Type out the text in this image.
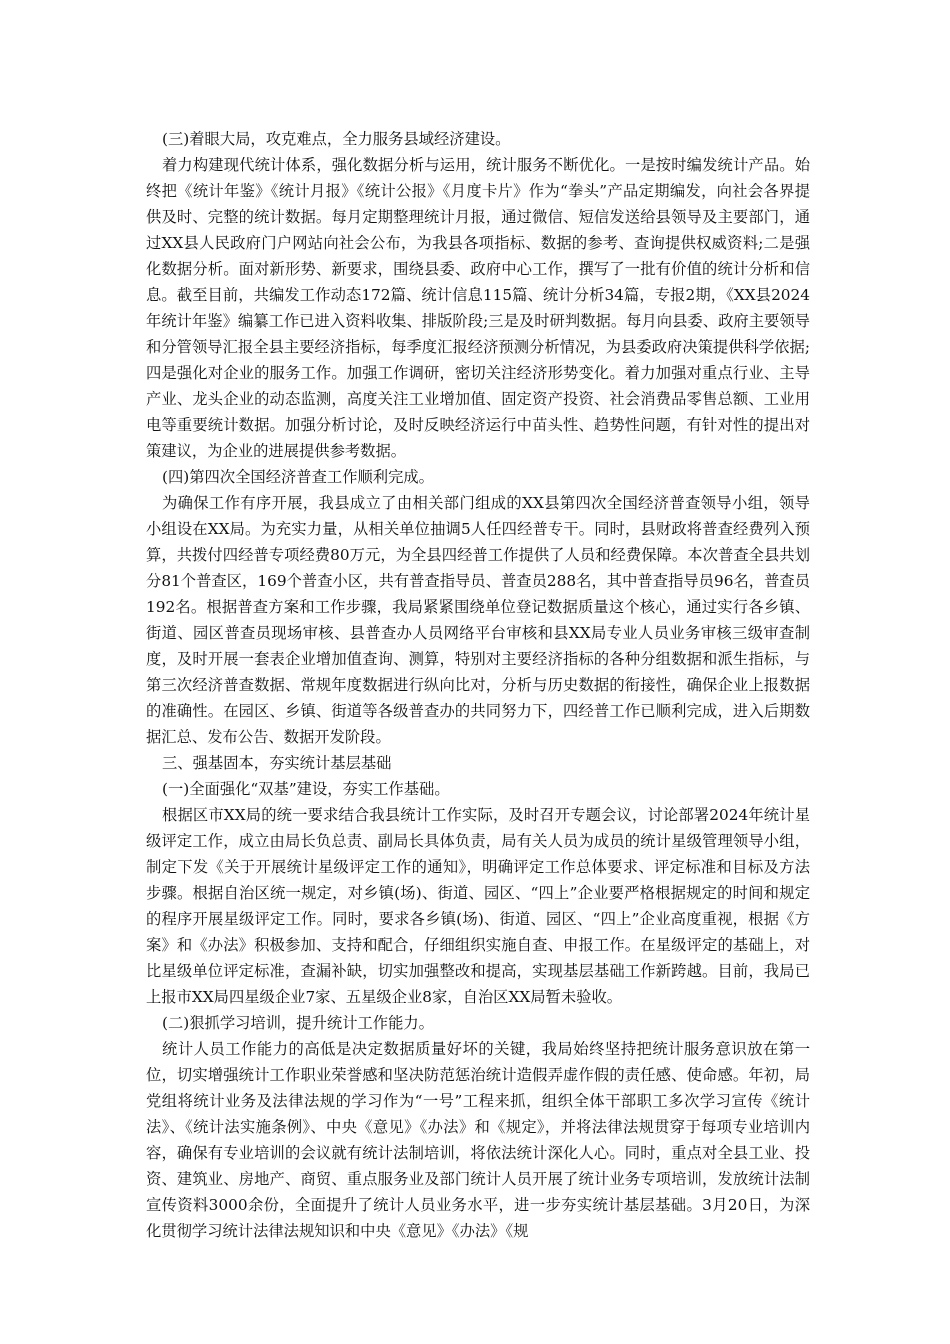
(三)着眼大局，攻克难点，全力服务县域经济建设。

着力构建现代统计体系，强化数据分析与运用，统计服务不断优化。一是按时编发统计产品。始终把《统计年鉴》《统计月报》《统计公报》《月度卡片》作为“拳头”产品定期编发，向社会各界提供及时、完整的统计数据。每月定期整理统计月报，通过微信、短信发送给县领导及主要部门，通过XX县人民政府门户网站向社会公布，为我县各项指标、数据的参考、查询提供权威资料;二是强化数据分析。面对新形势、新要求，围绕县委、政府中心工作，撰写了一批有价值的统计分析和信息。截至目前，共编发工作动态172篇、统计信息115篇、统计分析34篇，专报2期，《XX县2024年统计年鉴》编纂工作已进入资料收集、排版阶段;三是及时研判数据。每月向县委、政府主要领导和分管领导汇报全县主要经济指标，每季度汇报经济预测分析情况，为县委政府决策提供科学依据;四是强化对企业的服务工作。加强工作调研，密切关注经济形势变化。着力加强对重点行业、主导产业、龙头企业的动态监测，高度关注工业增加值、固定资产投资、社会消费品零售总额、工业用电等重要统计数据。加强分析讨论，及时反映经济运行中苗头性、趋势性问题，有针对性的提出对策建议，为企业的进展提供参考数据。

(四)第四次全国经济普查工作顺利完成。

为确保工作有序开展，我县成立了由相关部门组成的XX县第四次全国经济普查领导小组，领导小组设在XX局。为充实力量，从相关单位抽调5人任四经普专干。同时，县财政将普查经费列入预算，共拨付四经普专项经费80万元，为全县四经普工作提供了人员和经费保障。本次普查全县共划分81个普查区，169个普查小区，共有普查指导员、普查员288名，其中普查指导员96名，普查员192名。根据普查方案和工作步骤，我局紧紧围绕单位登记数据质量这个核心，通过实行各乡镇、街道、园区普查员现场审核、县普查办人员网络平台审核和县XX局专业人员业务审核三级审查制度，及时开展一套表企业增加值查询、测算，特别对主要经济指标的各种分组数据和派生指标，与第三次经济普查数据、常规年度数据进行纵向比对，分析与历史数据的衔接性，确保企业上报数据的准确性。在园区、乡镇、街道等各级普查办的共同努力下，四经普工作已顺利完成，进入后期数据汇总、发布公告、数据开发阶段。

三、强基固本，夯实统计基层基础

(一)全面强化“双基”建设，夯实工作基础。

根据区市XX局的统一要求结合我县统计工作实际，及时召开专题会议，讨论部署2024年统计星级评定工作，成立由局长负总责、副局长具体负责，局有关人员为成员的统计星级管理领导小组，制定下发《关于开展统计星级评定工作的通知》，明确评定工作总体要求、评定标准和目标及方法步骤。根据自治区统一规定，对乡镇(场)、街道、园区、“四上”企业要严格根据规定的时间和规定的程序开展星级评定工作。同时，要求各乡镇(场)、街道、园区、“四上”企业高度重视，根据《方案》和《办法》积极参加、支持和配合，仔细组织实施自查、申报工作。在星级评定的基础上，对比星级单位评定标准，查漏补缺，切实加强整改和提高，实现基层基础工作新跨越。目前，我局已上报市XX局四星级企业7家、五星级企业8家，自治区XX局暂未验收。

(二)狠抓学习培训，提升统计工作能力。

统计人员工作能力的高低是决定数据质量好坏的关键，我局始终坚持把统计服务意识放在第一位，切实增强统计工作职业荣誉感和坚决防范惩治统计造假弄虚作假的责任感、使命感。年初，局党组将统计业务及法律法规的学习作为“一号”工程来抓，组织全体干部职工多次学习宣传《统计法》、《统计法实施条例》、中央《意见》《办法》和《规定》，并将法律法规贯穿于每项专业培训内容，确保有专业培训的会议就有统计法制培训，将依法统计深化人心。同时，重点对全县工业、投资、建筑业、房地产、商贸、重点服务业及部门统计人员开展了统计业务专项培训，发放统计法制宣传资料3000余份，全面提升了统计人员业务水平，进一步夯实统计基层基础。3月20日，为深化贯彻学习统计法律法规知识和中央《意见》《办法》《规
